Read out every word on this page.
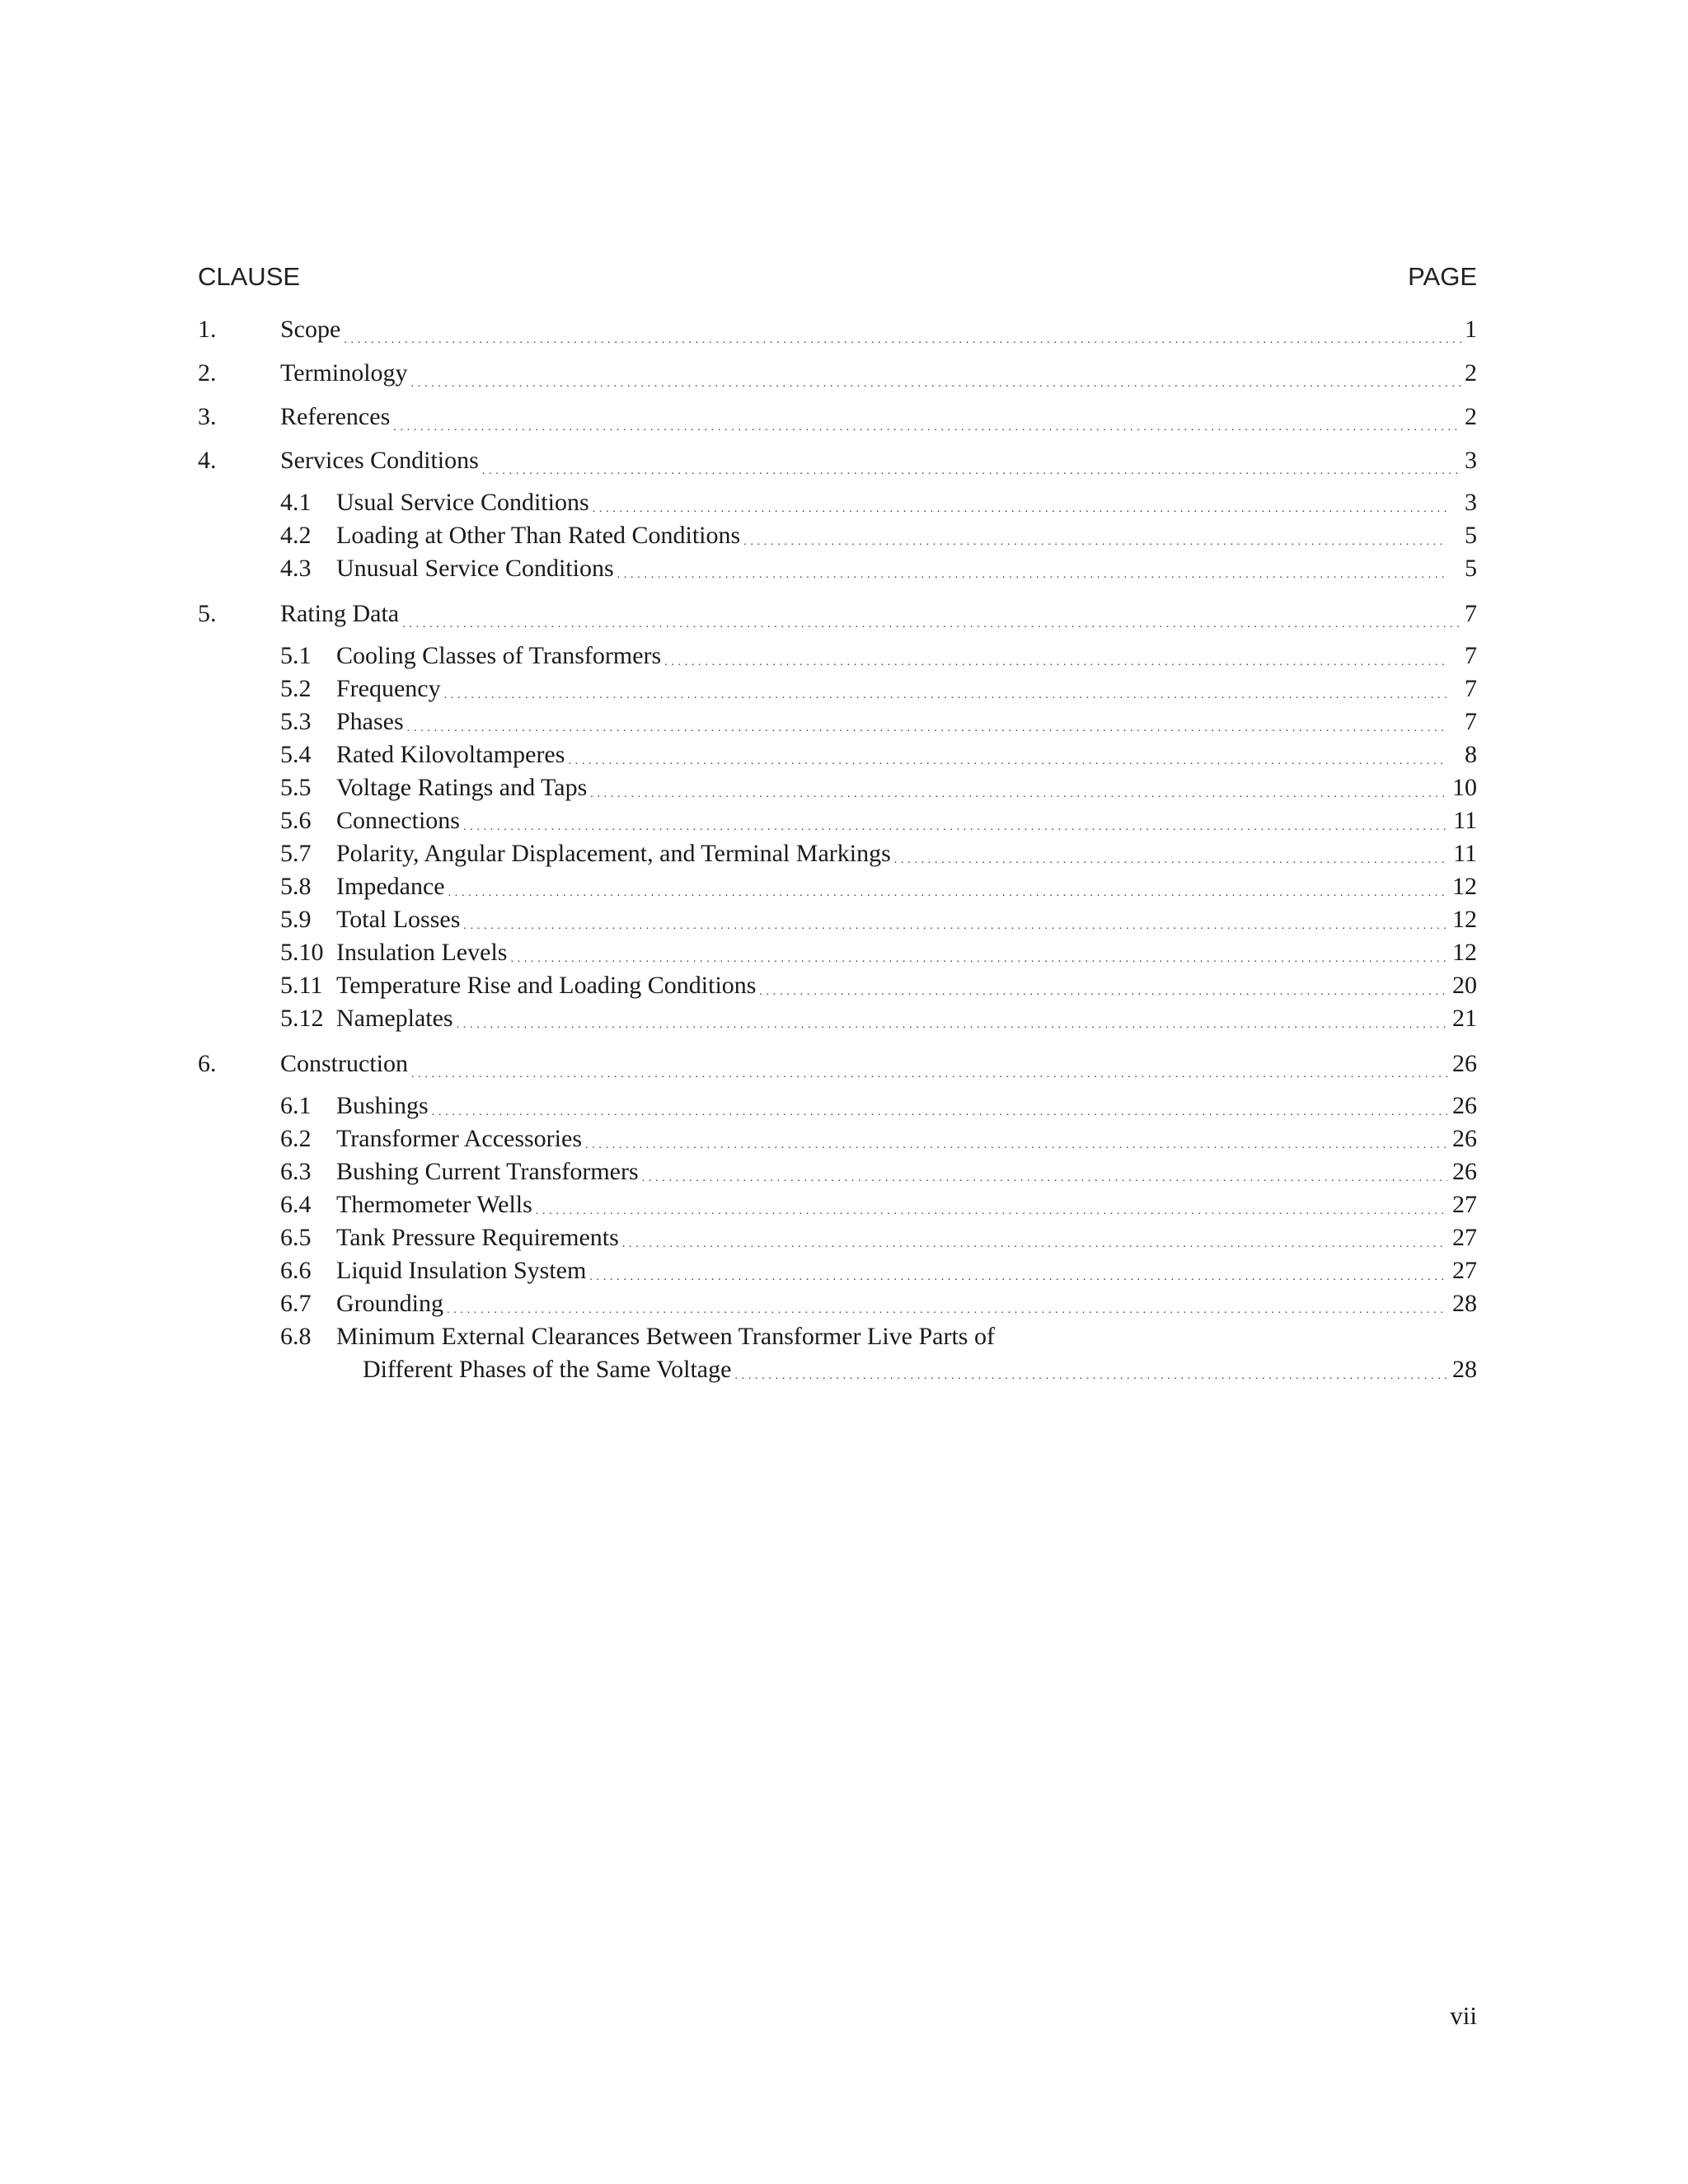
CLAUSE	PAGE
1.	Scope . . .	1
2.	Terminology . . .	2
3.	References . . .	2
4.	Services Conditions . . .	3
4.1	Usual Service Conditions . . .	3
4.2	Loading at Other Than Rated Conditions . . .	5
4.3	Unusual Service Conditions . . .	5
5.	Rating Data . . .	7
5.1	Cooling Classes of Transformers . . .	7
5.2	Frequency . . .	7
5.3	Phases . . .	7
5.4	Rated Kilovoltamperes . . .	8
5.5	Voltage Ratings and Taps . . .	10
5.6	Connections . . .	11
5.7	Polarity, Angular Displacement, and Terminal Markings . . .	11
5.8	Impedance . . .	12
5.9	Total Losses . . .	12
5.10 Insulation Levels . . .	12
5.11 Temperature Rise and Loading Conditions . . .	20
5.12 Nameplates . . .	21
6.	Construction . . .	26
6.1	Bushings . . .	26
6.2	Transformer Accessories . . .	26
6.3	Bushing Current Transformers . . .	26
6.4	Thermometer Wells . . .	27
6.5	Tank Pressure Requirements . . .	27
6.6	Liquid Insulation System . . .	27
6.7	Grounding . . .	28
6.8	Minimum External Clearances Between Transformer Live Parts of
Different Phases of the Same Voltage . . .	28
vii
